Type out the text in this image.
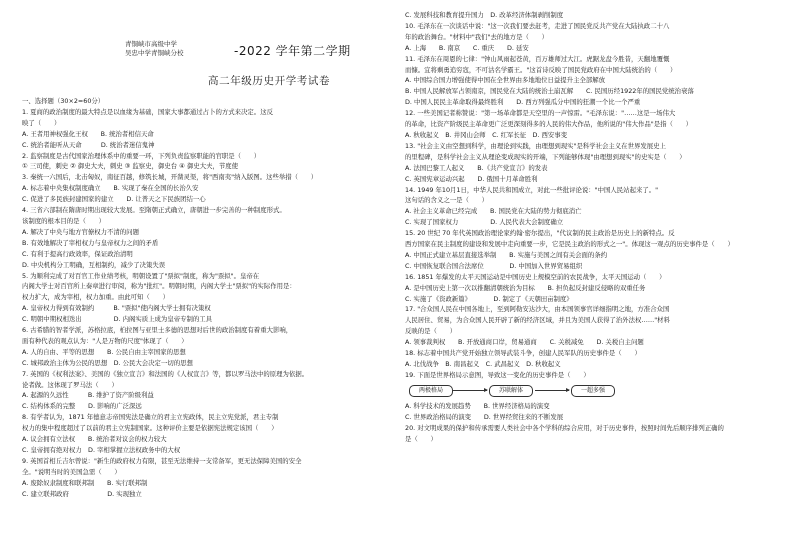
青铜峡市高级中学
吴忠中学青铜峡分校	-2022 学年第二学期
高二年级历史开学考试卷
一、选择题（30×2=60分）
1. 夏商的政治制度的最大特点是以血缘为基础，国家大事都通过占卜的方式来决定。这反
映了（　　）
A. 王者用神权强化王权　　B. 统治者相信天命
C. 统治者能听从天命　　　D. 统治者迷信鬼神
2. 监察制度是古代国家治理体系中的重要一环，下列负责监察职能的官职是（　　）
① 三司使，刺史 ② 御史大夫，刺史 ③ 监察史，御史台 ④ 御史大夫，节度使
3. 秦统一六国后，北击匈奴，南征百越，修筑长城，开凿灵渠，将"西南夷"纳入版图。这些举措（　　）
A. 标志着中央集权制度确立　　B. 实现了秦在全国的长治久安
C. 促进了多民族封建国家的建立　　D. 让普天之下民族团结一心
4. 三省六部制在隋唐时期出现较大发展。至隋朝正式确立，唐朝进一步完善的一种制度形式。
该制度的根本目的是（　　）
A. 解决了中央与地方官僚权力不清的问题
B. 有效地解决了宰相权力与皇帝权力之间的矛盾
C. 有利于提高行政效率，保证政治清明
D. 中央机构分工明确，互相制约，减少了决策失误
5. 为顺利完成了对百官工作业绩考核，明朝设置了"票拟"制度，称为"票拟"。皇帝在
内阁大学士对百官所上奏章进行审阅，称为"批红"。明朝时期，内阁大学士"票拟"的实际作用是：
权力扩大，成为宰相，权力加重。由此可知（　　）
A. 皇帝权力得到有效制约　　　B. "票拟"使内阁大学士拥有决策权
C. 明朝中期权相迭出　　　　　D. 内阁实质上成为皇帝专制的工具
6. 古希腊的智者学派，苏格拉底，柏拉图与亚里士多德的思想对后世的政治制度有着重大影响，
面有种代表的观点认为："人是万物的尺度"体现了（　　）
A. 人的自由、平等的思想　　B. 公民自由主宰国家的思想
C. 城邦政治主体为公民的思想　D. 公民大会决定一切的思想
7. 英国的《权利法案》、美国的《独立宣言》和法国的《人权宣言》等，都以罗马法中的原理为依据。
论者做。这体现了罗马法（　　）
A. 起源的久远性　　　B. 维护了资产阶级利益
C. 结构体系的完整　　D. 影响的广泛深远
8. 有学者认为，1871 年德意志帝国宪法是确立的君主立宪政体，民主立宪党派，君主专制
权力的集中程度超过了以前的君主立宪制国家。这种评价主要是依据宪法规定该国（　　）
A. 议会拥有立法权　　B. 统治者对议会的权力较大
C. 皇帝拥有绝对权力　D. 宰相掌握立法权政务中的大权
9. 英国首相丘吉尔曾说："新生的政府权力有限，甚至无法维持一支常备军，更无法保障美国的安全
全。"说明当时的美国急需（　　）
A. 废除奴隶制度和联邦制　　B. 实行联邦制
C. 建立联邦政府　　　　　　D. 实现独立
C. 发展科技和教育提升国力　D. 改革经济体制剥削制度
10. 毛泽东在一次谈话中说："这一次我们要去赶考，走进了国民党反共产党在大陆执政二十八
年的政治舞台。"材料中"我们"去的地方是（　　）
A. 上海　　B. 南京　　C. 重庆　　D. 延安
11. 毛泽东在周恩的七律："钟山风雨起苍黄，百万雄师过大江。虎踞龙盘今胜昔，天翻地覆慨
而慷。宜将剩勇追穷寇，不可沽名学霸王。"这首诗反映了国民党政府在中国大陆统治的（　　）
A. 中国综合国力增强使得中国在全世界由多地地位日益提升主全部解放
B. 中国人民解放军占领南京，国民党在大陆的统治土崩瓦解　　C. 民国历经1922年的国民党统治衰落
D. 中国人民民主革命取得最终胜利　　D. 西方列强瓜分中国的狂潮一个比一个严重
12. 一些美国记者称赞说："第一场革命都是天空里的一声惊雷。"毛泽东说："……这是一场伟大
的革命，比资产阶级民主革命更广泛更深刻得多的人民的伟大作品，他所说的"伟大作品"是指（　　）
A. 秋收起义　B. 井冈山会师　C. 红军长征　D. 西安事变
13. "社会主义由空想到科学，由理论到实践，由理想到现实"是科学社会主义在世界发展史上
的里程碑，是科学社会主义从理论变成现实的开端，下列能够体现"由理想到现实"的史实是（　　）
A. 法国巴黎工人起义　　B.《共产党宣言》的发表
C. 英国宪章运动兴起　　D. 俄国十月革命胜利
14. 1949 年10月1日，中华人民共和国成立，对此一些批评论说："中国人民站起来了。"
这句话的含义之一是（　　）
A. 社会主义革命已经完成　　B. 国民党在大陆的势力彻底消亡
C. 实现了国家权力　　　　　D. 人民代表大会制度确立
15. 20 世纪 70 年代英国政治理论家约翰·密尔提出，"代议制的民主政治是历史上的新特点。反
西方国家在民主制度的建设和发展中走向重要一步，它是民主政治的形式之一"。体现这一观点的历史事件是（　　）
A. 中国正式建立基层直接选举制　　B. 实施与美国之间有关会面的条约
C. 中国恢复联合国合法席位　　　　D. 中国加入世界贸易组织
16. 1851 年爆发的太平天国运动是中国历史上规模空前的农民战争，太平天国运动（　　）
A. 是中国历史上第一次以推翻清朝统治为目标　　B. 担负起反封建反侵略的双重任务
C. 实施了《资政新篇》　　　　D. 制定了《天朝田亩制度》
17. "合众国人民在中国各地上，至到阿勒安达沙大，由本国领事官详细指明之地，方准合众国
人民居住、贸易，为合众国人民开辟了新的经济区域，并且为美国人获得了治外法权……"材料
反映的是（　　）
A. 领事裁判权　　B. 开放通商口岸，贸易通商　　C. 关税减免　　D. 关税自主问题
18. 标志着中国共产党开始独立领导武装斗争，创建人民军队的历史事件是（　　）
A. 北伐战争　B. 南昌起义　C. 武昌起义　D. 秋收起义
19. 下面是世界格局示意图，导致这一变化的历史事件是（　　）
两极格局	苏联解体	一超多强
A. 科学技术的发展趋势　　B. 世界经济格局的演变
C. 世界政治格局的演变　　D. 世界经贸往来的不断发展
20. 对文明成果的保护和传承需要人类社会中各个学科的综合应用，对于历史事件，按照时间先后顺序排列正确的
是（　　）
